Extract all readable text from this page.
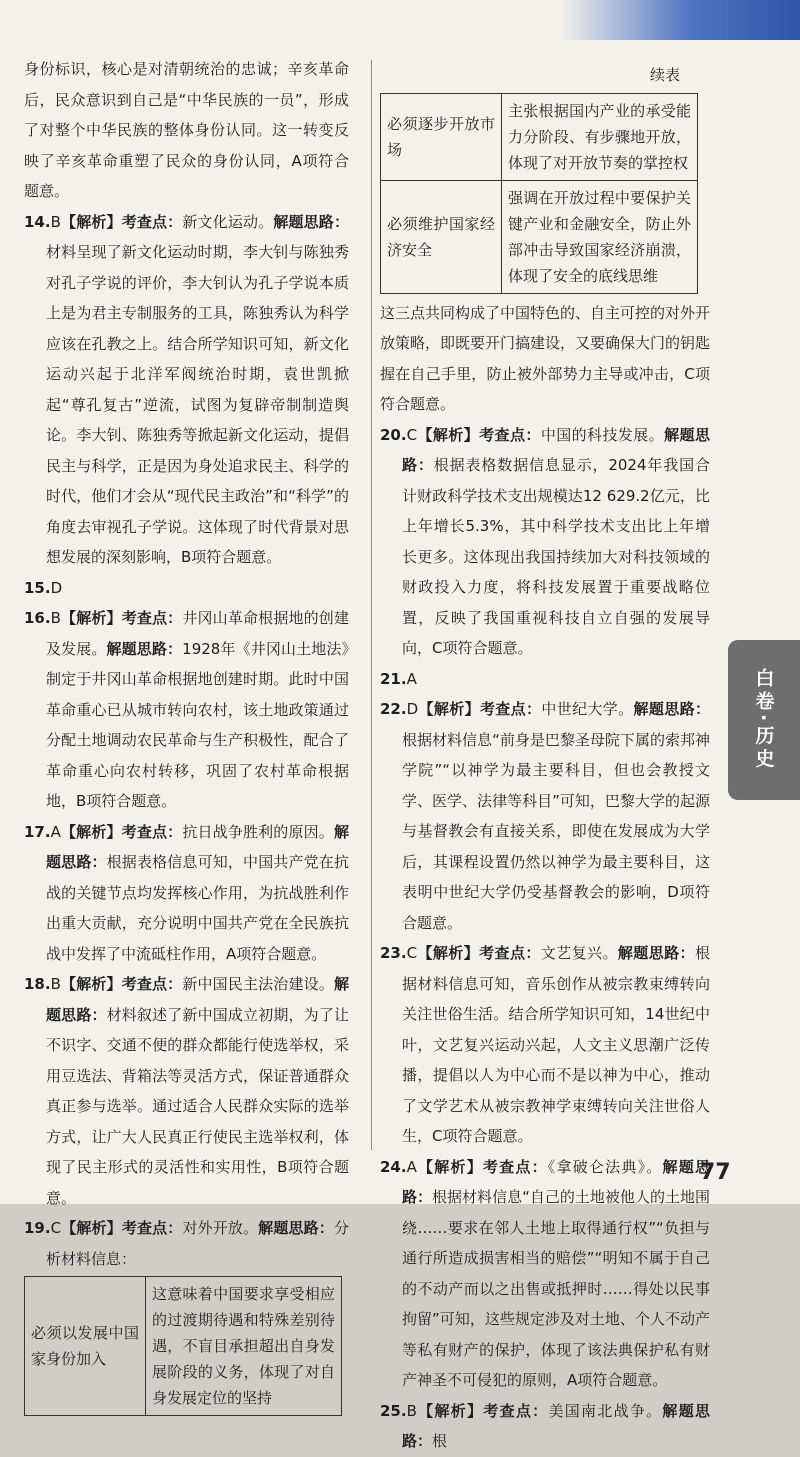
身份标识，核心是对清朝统治的忠诚；辛亥革命后，民众意识到自己是“中华民族的一员”，形成了对整个中华民族的整体身份认同。这一转变反映了辛亥革命重塑了民众的身份认同，A项符合题意。

14.B【解析】考查点：新文化运动。解题思路：材料呈现了新文化运动时期，李大钊与陈独秀对孔子学说的评价，李大钊认为孔子学说本质上是为君主专制服务的工具，陈独秀认为科学应该在孔教之上。结合所学知识可知，新文化运动兴起于北洋军阀统治时期，袁世凯掀起“尊孔复古”逆流，试图为复辟帝制制造舆论。李大钊、陈独秀等掀起新文化运动，提倡民主与科学，正是因为身处追求民主、科学的时代，他们才会从“现代民主政治”和“科学”的角度去审视孔子学说。这体现了时代背景对思想发展的深刻影响，B项符合题意。

15.D

16.B【解析】考查点：井冈山革命根据地的创建及发展。解题思路：1928年《井冈山土地法》制定于井冈山革命根据地创建时期。此时中国革命重心已从城市转向农村，该土地政策通过分配土地调动农民革命与生产积极性，配合了革命重心向农村转移，巩固了农村革命根据地，B项符合题意。

17.A【解析】考查点：抗日战争胜利的原因。解题思路：根据表格信息可知，中国共产党在抗战的关键节点均发挥核心作用，为抗战胜利作出重大贡献，充分说明中国共产党在全民族抗战中发挥了中流砥柱作用，A项符合题意。

18.B【解析】考查点：新中国民主法治建设。解题思路：材料叙述了新中国成立初期，为了让不识字、交通不便的群众都能行使选举权，采用豆选法、背箱法等灵活方式，保证普通群众真正参与选举。通过适合人民群众实际的选举方式，让广大人民真正行使民主选举权利，体现了民主形式的灵活性和实用性，B项符合题意。

19.C【解析】考查点：对外开放。解题思路：分析材料信息：

必须以发展中国家身份加入	这意味着中国要求享受相应的过渡期待遇和特殊差别待遇，不盲目承担超出自身发展阶段的义务，体现了对自身发展定位的坚持

续表

必须逐步开放市场	主张根据国内产业的承受能力分阶段、有步骤地开放，体现了对开放节奏的掌控权
必须维护国家经济安全	强调在开放过程中要保护关键产业和金融安全，防止外部冲击导致国家经济崩溃，体现了安全的底线思维

这三点共同构成了中国特色的、自主可控的对外开放策略，即既要开门搞建设，又要确保大门的钥匙握在自己手里，防止被外部势力主导或冲击，C项符合题意。

20.C【解析】考查点：中国的科技发展。解题思路：根据表格数据信息显示，2024年我国合计财政科学技术支出规模达12 629.2亿元，比上年增长5.3%，其中科学技术支出比上年增长更多。这体现出我国持续加大对科技领域的财政投入力度，将科技发展置于重要战略位置，反映了我国重视科技自立自强的发展导向，C项符合题意。

21.A

22.D【解析】考查点：中世纪大学。解题思路：根据材料信息“前身是巴黎圣母院下属的索邦神学院”“以神学为最主要科目，但也会教授文学、医学、法律等科目”可知，巴黎大学的起源与基督教会有直接关系，即使在发展成为大学后，其课程设置仍然以神学为最主要科目，这表明中世纪大学仍受基督教会的影响，D项符合题意。

23.C【解析】考查点：文艺复兴。解题思路：根据材料信息可知，音乐创作从被宗教束缚转向关注世俗生活。结合所学知识可知，14世纪中叶，文艺复兴运动兴起，人文主义思潮广泛传播，提倡以人为中心而不是以神为中心，推动了文学艺术从被宗教神学束缚转向关注世俗人生，C项符合题意。

24.A【解析】考查点：《拿破仑法典》。解题思路：根据材料信息“自己的土地被他人的土地围绕……要求在邻人土地上取得通行权”“负担与通行所造成损害相当的赔偿”“明知不属于自己的不动产而以之出售或抵押时……得处以民事拘留”可知，这些规定涉及对土地、个人不动产等私有财产的保护，体现了该法典保护私有财产神圣不可侵犯的原则，A项符合题意。

25.B【解析】考查点：美国南北战争。解题思路：根

白卷·历史
77
